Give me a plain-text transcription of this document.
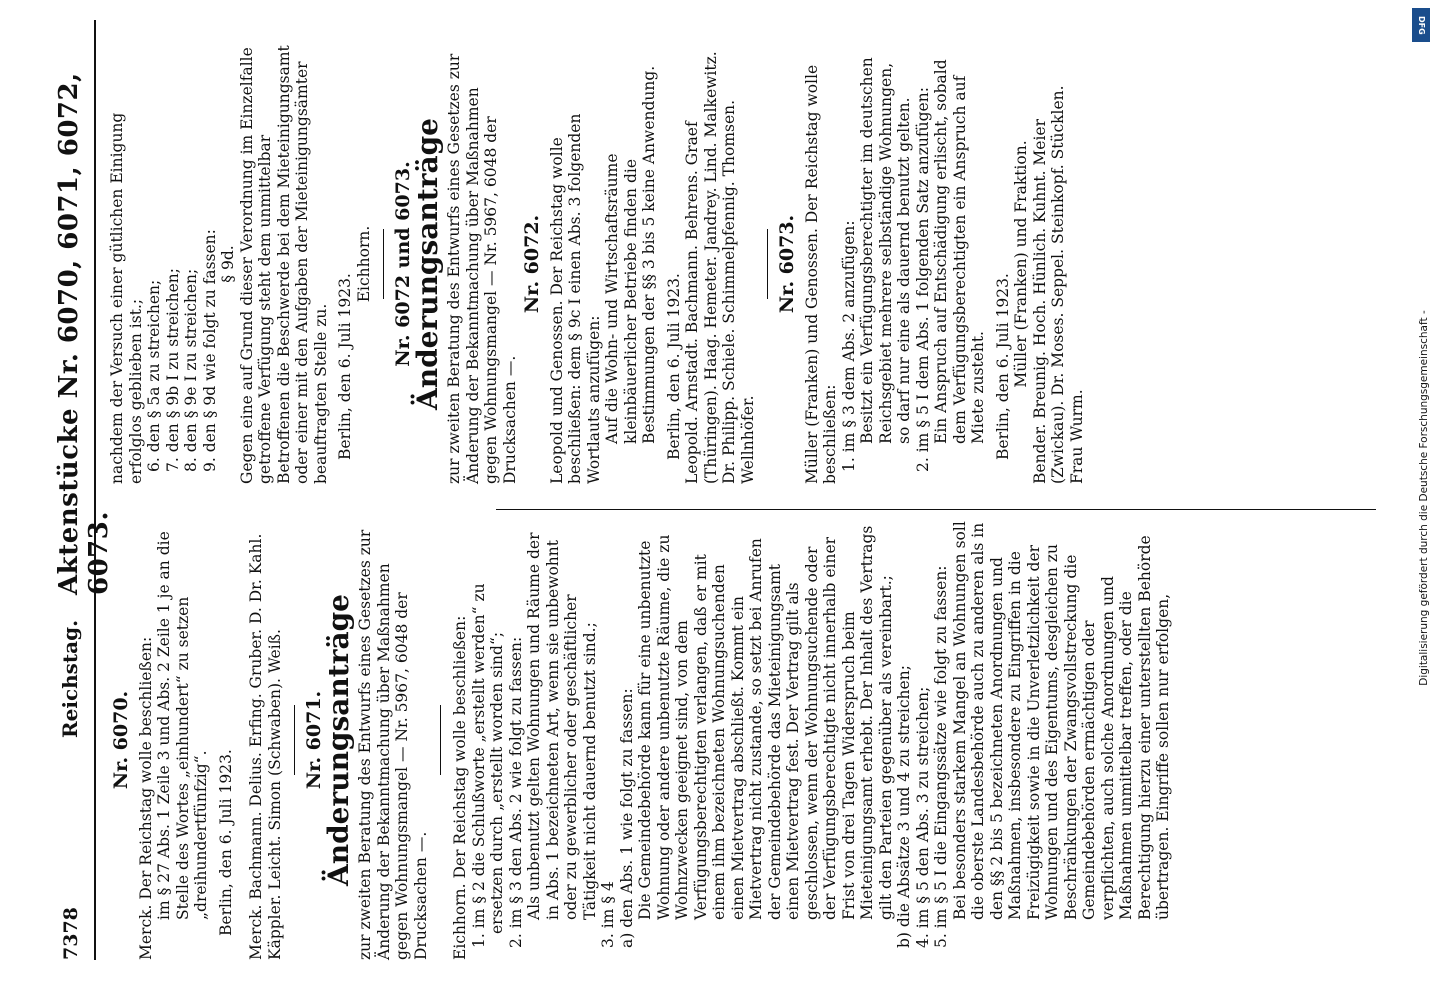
7378
Reichstag.
Aktenstücke Nr. 6070, 6071, 6072, 6073.
Nr. 6070. Merck. Der Reichstag wolle beschließen: im § 27 Abs. 1 Zeile 3 und Abs. 2 Zeile 1 je an die Stelle des Wortes „einhundert“ zu setzen „dreihundertfünfzig“. Berlin, den 6. Juli 1923. Merck. Bachmann. Delius. Erfing. Gruber. D. Dr. Kahl. Käppler. Leicht. Simon (Schwaben). Weiß. Nr. 6071.
Änderungsanträge zur zweiten Beratung des Entwurfs eines Gesetzes zur Änderung der Bekanntmachung über Maßnahmen gegen Wohnungsmangel — Nr. 5967, 6048 der Drucksachen —. Eichhorn. Der Reichstag wolle beschließen: 1. im § 2 die Schlußworte „erstellt werden“ zu ersetzen durch „erstellt worden sind“; 2. im § 3 den Abs. 2 wie folgt zu fassen: Als unbenutzt gelten Wohnungen und Räume der in Abs. 1 bezeichneten Art, wenn sie unbewohnt oder zu gewerblicher oder geschäftlicher Tätigkeit nicht dauernd benutzt sind.; 3. im § 4 a) den Abs. 1 wie folgt zu fassen: Die Gemeindebehörde kann für eine unbenutzte Wohnung oder andere unbenutzte Räume, die zu Wohnzwecken geeignet sind, von dem Verfügungsberechtigten verlangen, daß er mit einem ihm bezeichneten Wohnungsuchenden einen Mietvertrag abschließt. Kommt ein Mietvertrag nicht zustande, so setzt bei Anrufen der Gemeindebehörde das Mieteinigungsamt einen Mietvertrag fest. Der Vertrag gilt als geschlossen, wenn der Wohnungsuchende oder der Verfügungsberechtigte nicht innerhalb einer Frist von drei Tagen Widerspruch beim Mieteinigungsamt erhebt. Der Inhalt des Vertrags gilt den Parteien gegenüber als vereinbart.; b) die Absätze 3 und 4 zu streichen; 4. im § 5 den Abs. 3 zu streichen; 5. im § 5 I die Eingangssätze wie folgt zu fassen: Bei besonders starkem Mangel an Wohnungen soll die oberste Landesbehörde auch zu anderen als in den §§ 2 bis 5 bezeichneten Anordnungen und Maßnahmen, insbesondere zu Eingriffen in die Freizügigkeit sowie in die Unverletzlichkeit der Wohnungen und des Eigentums, desgleichen zu Beschränkungen der Zwangsvollstreckung die Gemeindebehörden ermächtigen oder verpflichten, auch solche Anordnungen und Maßnahmen unmittelbar treffen, oder die Berechtigung hierzu einer unterstellten Behörde übertragen. Eingriffe sollen nur erfolgen,

nachdem der Versuch einer gütlichen Einigung erfolglos geblieben ist.; 6. den § 5a zu streichen; 7. den § 9b I zu streichen; 8. den § 9e I zu streichen; 9. den § 9d wie folgt zu fassen: § 9d. Gegen eine auf Grund dieser Verordnung im Einzelfalle getroffene Verfügung steht dem unmittelbar Betroffenen die Beschwerde bei dem Mieteinigungsamt oder einer mit den Aufgaben der Mieteinigungsämter beauftragten Stelle zu. Berlin, den 6. Juli 1923.

Eichhorn. Nr. 6072 und 6073.
Änderungsanträge zur zweiten Beratung des Entwurfs eines Gesetzes zur Änderung der Bekanntmachung über Maßnahmen gegen Wohnungsmangel — Nr. 5967, 6048 der Drucksachen —.

Nr. 6072. Leopold und Genossen. Der Reichstag wolle beschließen: dem § 9c I einen Abs. 3 folgenden Wortlauts anzufügen: Auf die Wohn- und Wirtschaftsräume kleinbäuerlicher Betriebe finden die Bestimmungen der §§ 3 bis 5 keine Anwendung. Berlin, den 6. Juli 1923. Leopold. Arnstadt. Bachmann. Behrens. Graef (Thüringen). Haag. Hemeter. Jandrey. Lind. Malkewitz. Dr. Philipp. Schiele. Schimmelpfennig. Thomsen. Wellnhöfer.

Nr. 6073. Müller (Franken) und Genossen. Der Reichstag wolle beschließen: 1. im § 3 dem Abs. 2 anzufügen: Besitzt ein Verfügungsberechtigter im deutschen Reichsgebiet mehrere selbständige Wohnungen, so darf nur eine als dauernd benutzt gelten. 2. im § 5 I dem Abs. 1 folgenden Satz anzufügen: Ein Anspruch auf Entschädigung erlischt, sobald dem Verfügungsberechtigten ein Anspruch auf Miete zusteht. Berlin, den 6. Juli 1923. Müller (Franken) und Fraktion. Bender. Breunig. Hoch. Hünlich. Kuhnt. Meier (Zwickau). Dr. Moses. Seppel. Steinkopf. Stücklen. Frau Wurm.

DFG
Digitalisierung gefördert durch die Deutsche Forschungsgemeinschaft -
